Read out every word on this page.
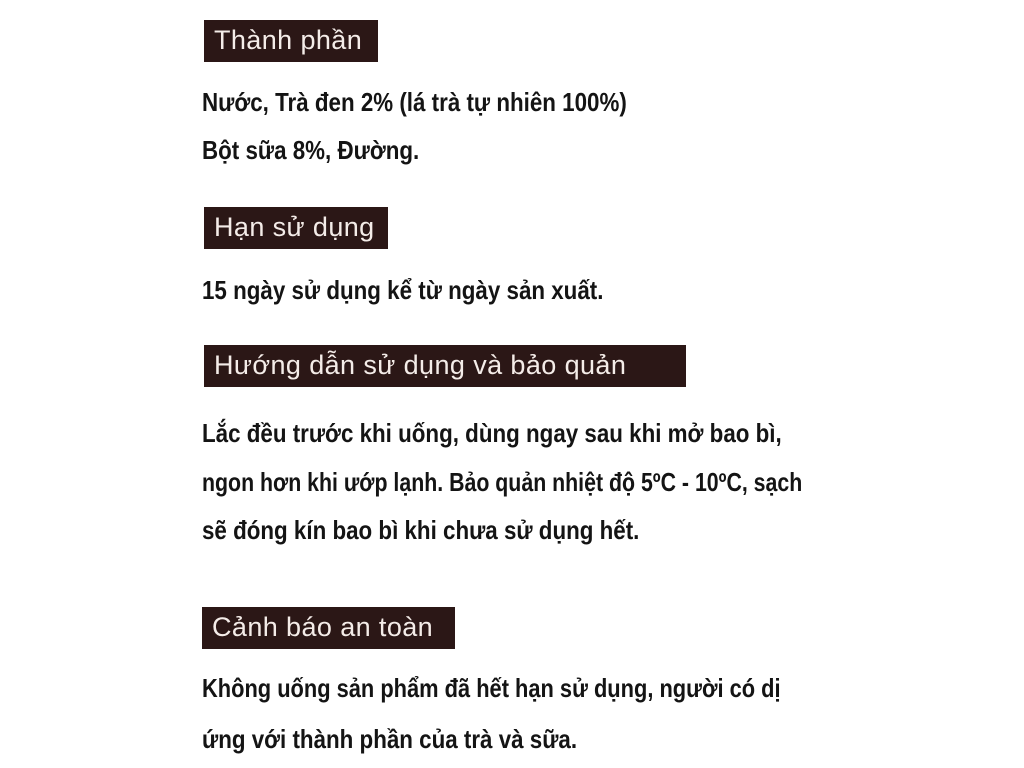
Thành phần
Nước, Trà đen 2% (lá trà tự nhiên 100%)
Bột sữa 8%, Đường.
Hạn sử dụng
15 ngày sử dụng kể từ ngày sản xuất.
Hướng dẫn sử dụng và bảo quản
Lắc đều trước khi uống, dùng ngay sau khi mở bao bì,
ngon hơn khi ướp lạnh. Bảo quản nhiệt độ 5ºC - 10ºC, sạch
sẽ đóng kín bao bì khi chưa sử dụng hết.
Cảnh báo an toàn
Không uống sản phẩm đã hết hạn sử dụng, người có dị
ứng với thành phần của trà và sữa.
